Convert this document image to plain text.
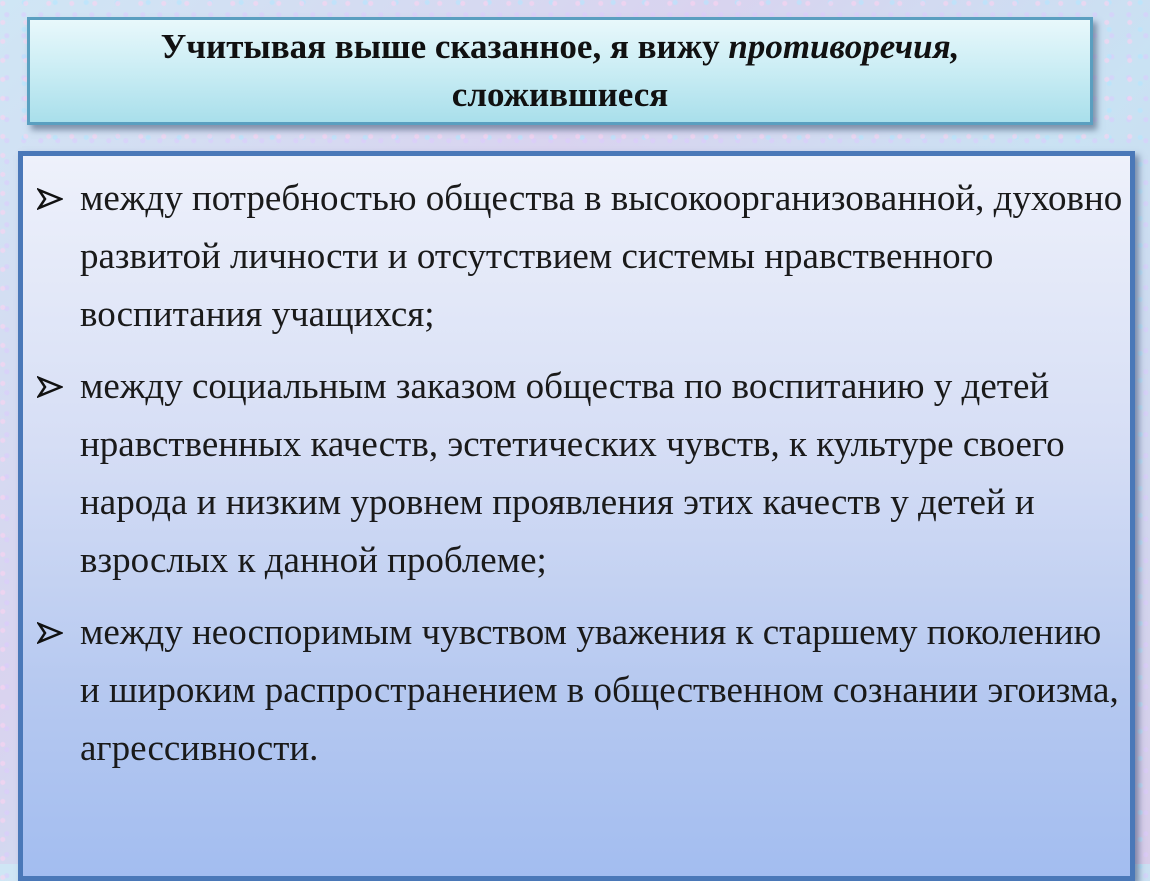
Учитывая выше сказанное, я вижу противоречия,
сложившиеся
между потребностью общества в высокоорганизованной, духовно развитой личности и отсутствием системы нравственного воспитания учащихся;
между социальным заказом общества по воспитанию у детей нравственных качеств, эстетических чувств, к культуре своего народа и низким уровнем проявления этих качеств у детей и взрослых к данной проблеме;
между неоспоримым чувством уважения к старшему поколению и широким распространением в общественном сознании эгоизма, агрессивности.
